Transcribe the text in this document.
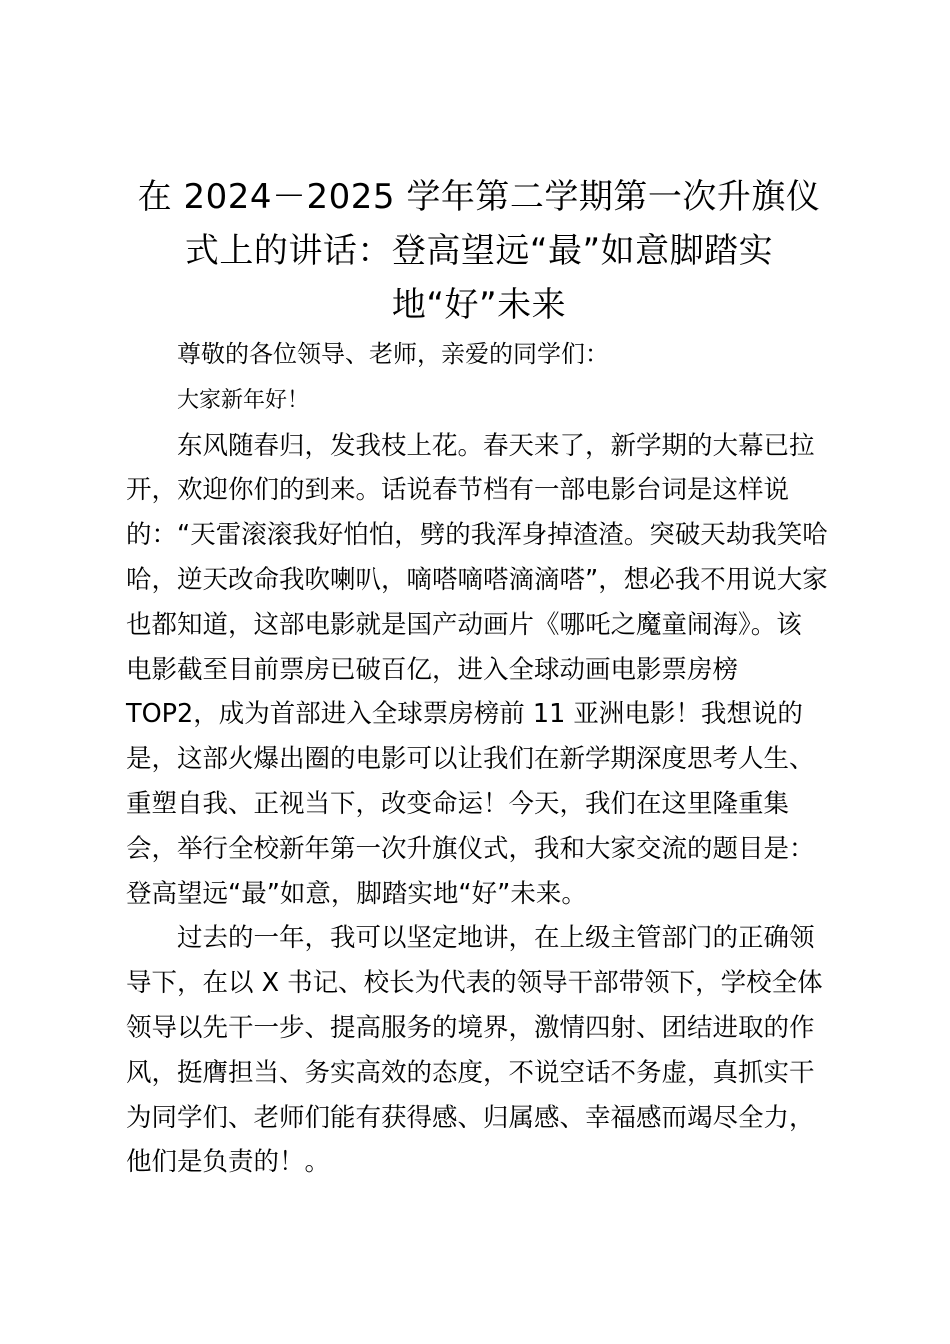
在 2024－2025 学年第二学期第一次升旗仪
式上的讲话：登高望远“最”如意脚踏实
地“好”未来

尊敬的各位领导、老师，亲爱的同学们：

大家新年好！

东风随春归，发我枝上花。春天来了，新学期的大幕已拉
开，欢迎你们的到来。话说春节档有一部电影台词是这样说
的：“天雷滚滚我好怕怕，劈的我浑身掉渣渣。突破天劫我笑哈
哈，逆天改命我吹喇叭，嘀嗒嘀嗒滴滴嗒”，想必我不用说大家
也都知道，这部电影就是国产动画片《哪吒之魔童闹海》。该
电影截至目前票房已破百亿，进入全球动画电影票房榜
TOP2，成为首部进入全球票房榜前 11 亚洲电影！我想说的
是，这部火爆出圈的电影可以让我们在新学期深度思考人生、
重塑自我、正视当下，改变命运！今天，我们在这里隆重集
会，举行全校新年第一次升旗仪式，我和大家交流的题目是：
登高望远“最”如意，脚踏实地“好”未来。
过去的一年，我可以坚定地讲，在上级主管部门的正确领
导下，在以 X 书记、校长为代表的领导干部带领下，学校全体
领导以先干一步、提高服务的境界，激情四射、团结进取的作
风，挺膺担当、务实高效的态度，不说空话不务虚，真抓实干
为同学们、老师们能有获得感、归属感、幸福感而竭尽全力，
他们是负责的！。
